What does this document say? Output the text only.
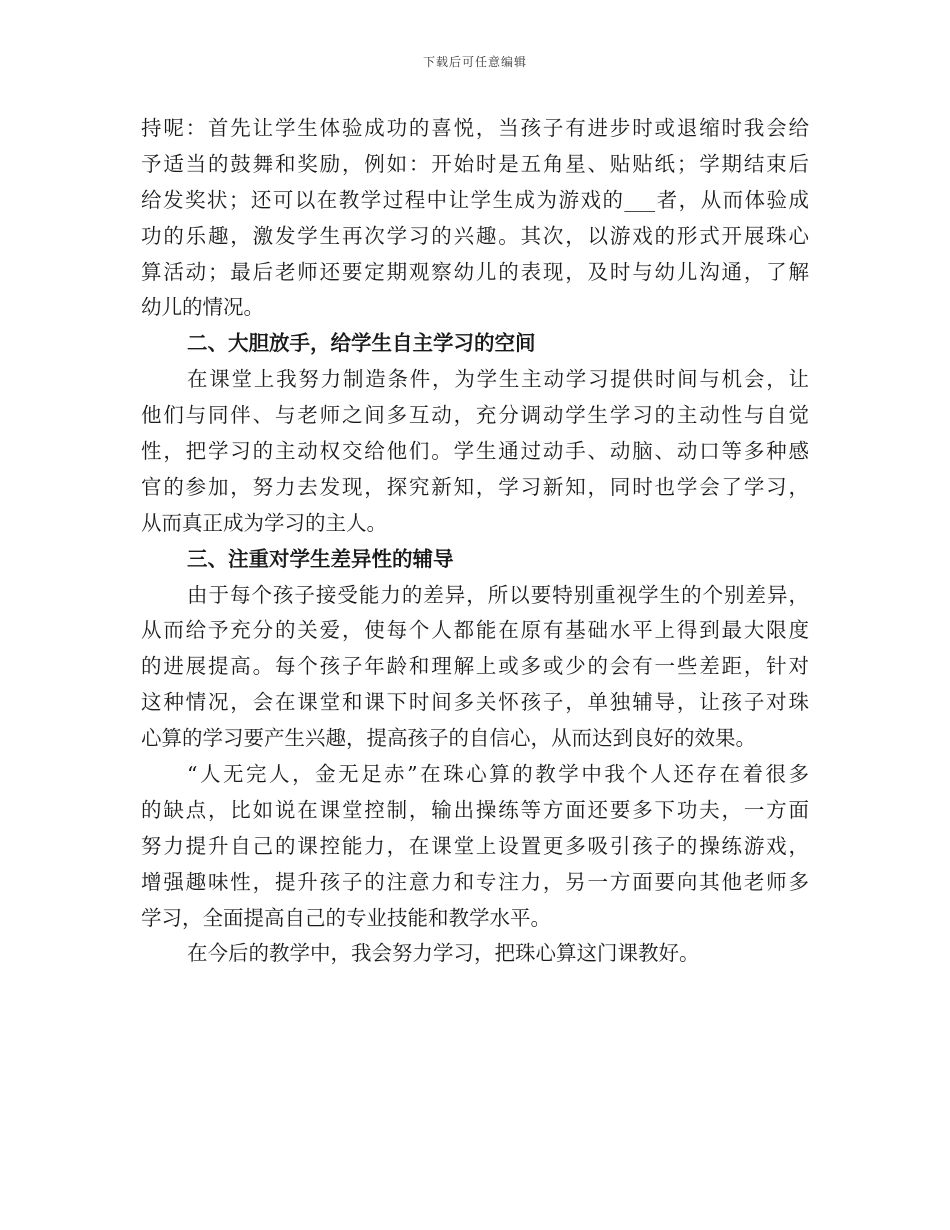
下载后可任意编辑
持呢：首先让学生体验成功的喜悦，当孩子有进步时或退缩时我会给
予适当的鼓舞和奖励，例如：开始时是五角星、贴贴纸；学期结束后
给发奖状；还可以在教学过程中让学生成为游戏的___者，从而体验成
功的乐趣，激发学生再次学习的兴趣。其次，以游戏的形式开展珠心
算活动；最后老师还要定期观察幼儿的表现，及时与幼儿沟通，了解
幼儿的情况。
二、大胆放手，给学生自主学习的空间
在课堂上我努力制造条件，为学生主动学习提供时间与机会，让
他们与同伴、与老师之间多互动，充分调动学生学习的主动性与自觉
性，把学习的主动权交给他们。学生通过动手、动脑、动口等多种感
官的参加，努力去发现，探究新知，学习新知，同时也学会了学习，
从而真正成为学习的主人。
三、注重对学生差异性的辅导
由于每个孩子接受能力的差异，所以要特别重视学生的个别差异，
从而给予充分的关爱，使每个人都能在原有基础水平上得到最大限度
的进展提高。每个孩子年龄和理解上或多或少的会有一些差距，针对
这种情况，会在课堂和课下时间多关怀孩子，单独辅导，让孩子对珠
心算的学习要产生兴趣，提高孩子的自信心，从而达到良好的效果。
“人无完人，金无足赤”在珠心算的教学中我个人还存在着很多
的缺点，比如说在课堂控制，输出操练等方面还要多下功夫，一方面
努力提升自己的课控能力，在课堂上设置更多吸引孩子的操练游戏，
增强趣味性，提升孩子的注意力和专注力，另一方面要向其他老师多
学习，全面提高自己的专业技能和教学水平。
在今后的教学中，我会努力学习，把珠心算这门课教好。
